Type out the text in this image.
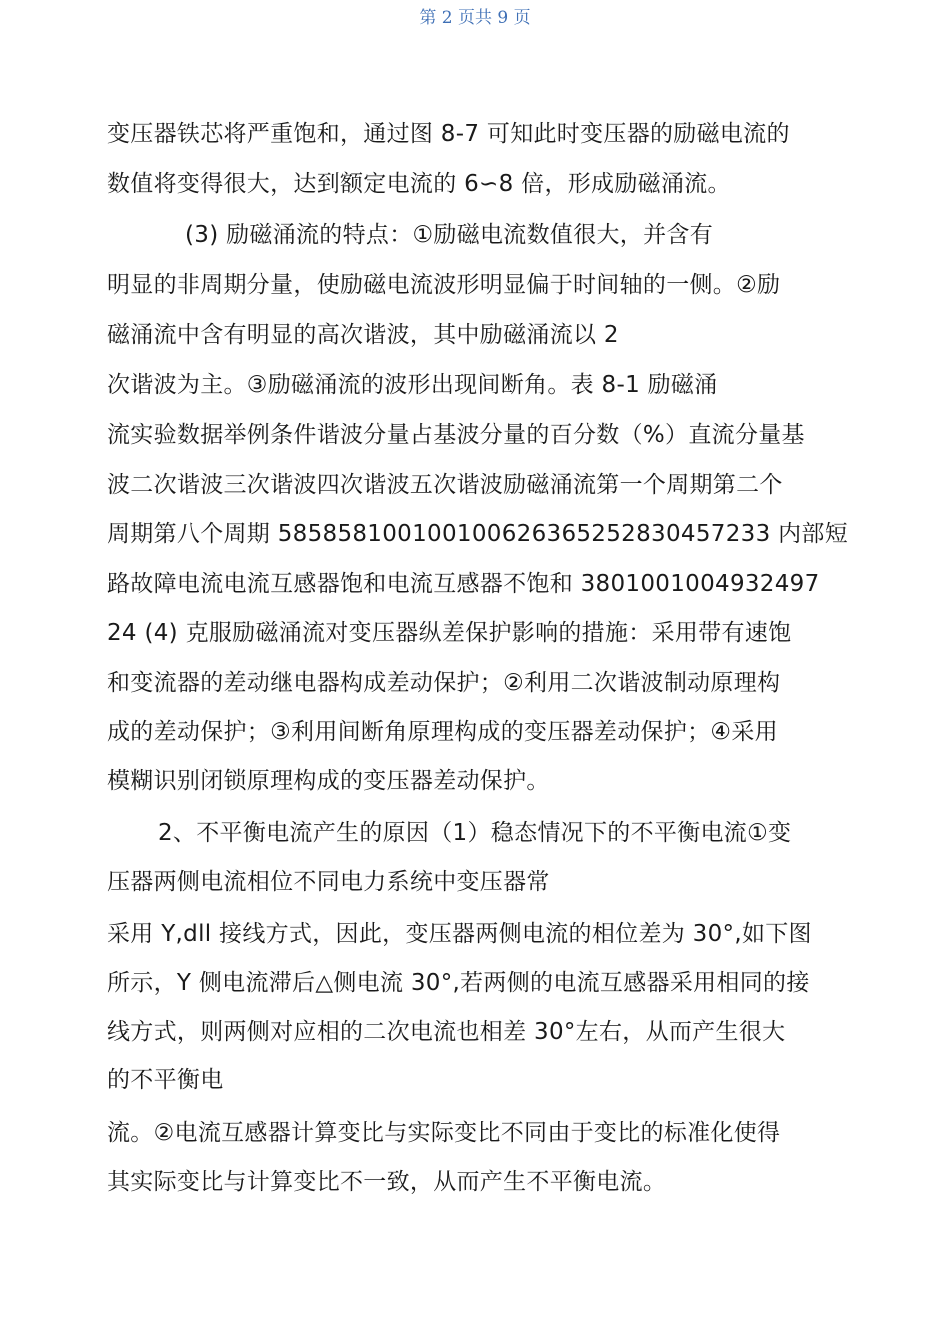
第 2 页共 9 页
变压器铁芯将严重饱和，通过图 8-7 可知此时变压器的励磁电流的
数值将变得很大，达到额定电流的 6∽8 倍，形成励磁涌流。
(3) 励磁涌流的特点：①励磁电流数值很大，并含有
明显的非周期分量，使励磁电流波形明显偏于时间轴的一侧。②励
磁涌流中含有明显的高次谐波，其中励磁涌流以 2
次谐波为主。③励磁涌流的波形出现间断角。表 8-1 励磁涌
流实验数据举例条件谐波分量占基波分量的百分数（%）直流分量基
波二次谐波三次谐波四次谐波五次谐波励磁涌流第一个周期第二个
周期第八个周期 585858100100100626365252830457233 内部短
路故障电流电流互感器饱和电流互感器不饱和 3801001004932497
24 (4) 克服励磁涌流对变压器纵差保护影响的措施：采用带有速饱
和变流器的差动继电器构成差动保护；②利用二次谐波制动原理构
成的差动保护；③利用间断角原理构成的变压器差动保护；④采用
模糊识别闭锁原理构成的变压器差动保护。
2、不平衡电流产生的原因（1）稳态情况下的不平衡电流①变
压器两侧电流相位不同电力系统中变压器常
采用 Y,dll 接线方式，因此，变压器两侧电流的相位差为 30°,如下图
所示，Y 侧电流滞后△侧电流 30°,若两侧的电流互感器采用相同的接
线方式，则两侧对应相的二次电流也相差 30°左右，从而产生很大
的不平衡电
流。②电流互感器计算变比与实际变比不同由于变比的标准化使得
其实际变比与计算变比不一致，从而产生不平衡电流。
